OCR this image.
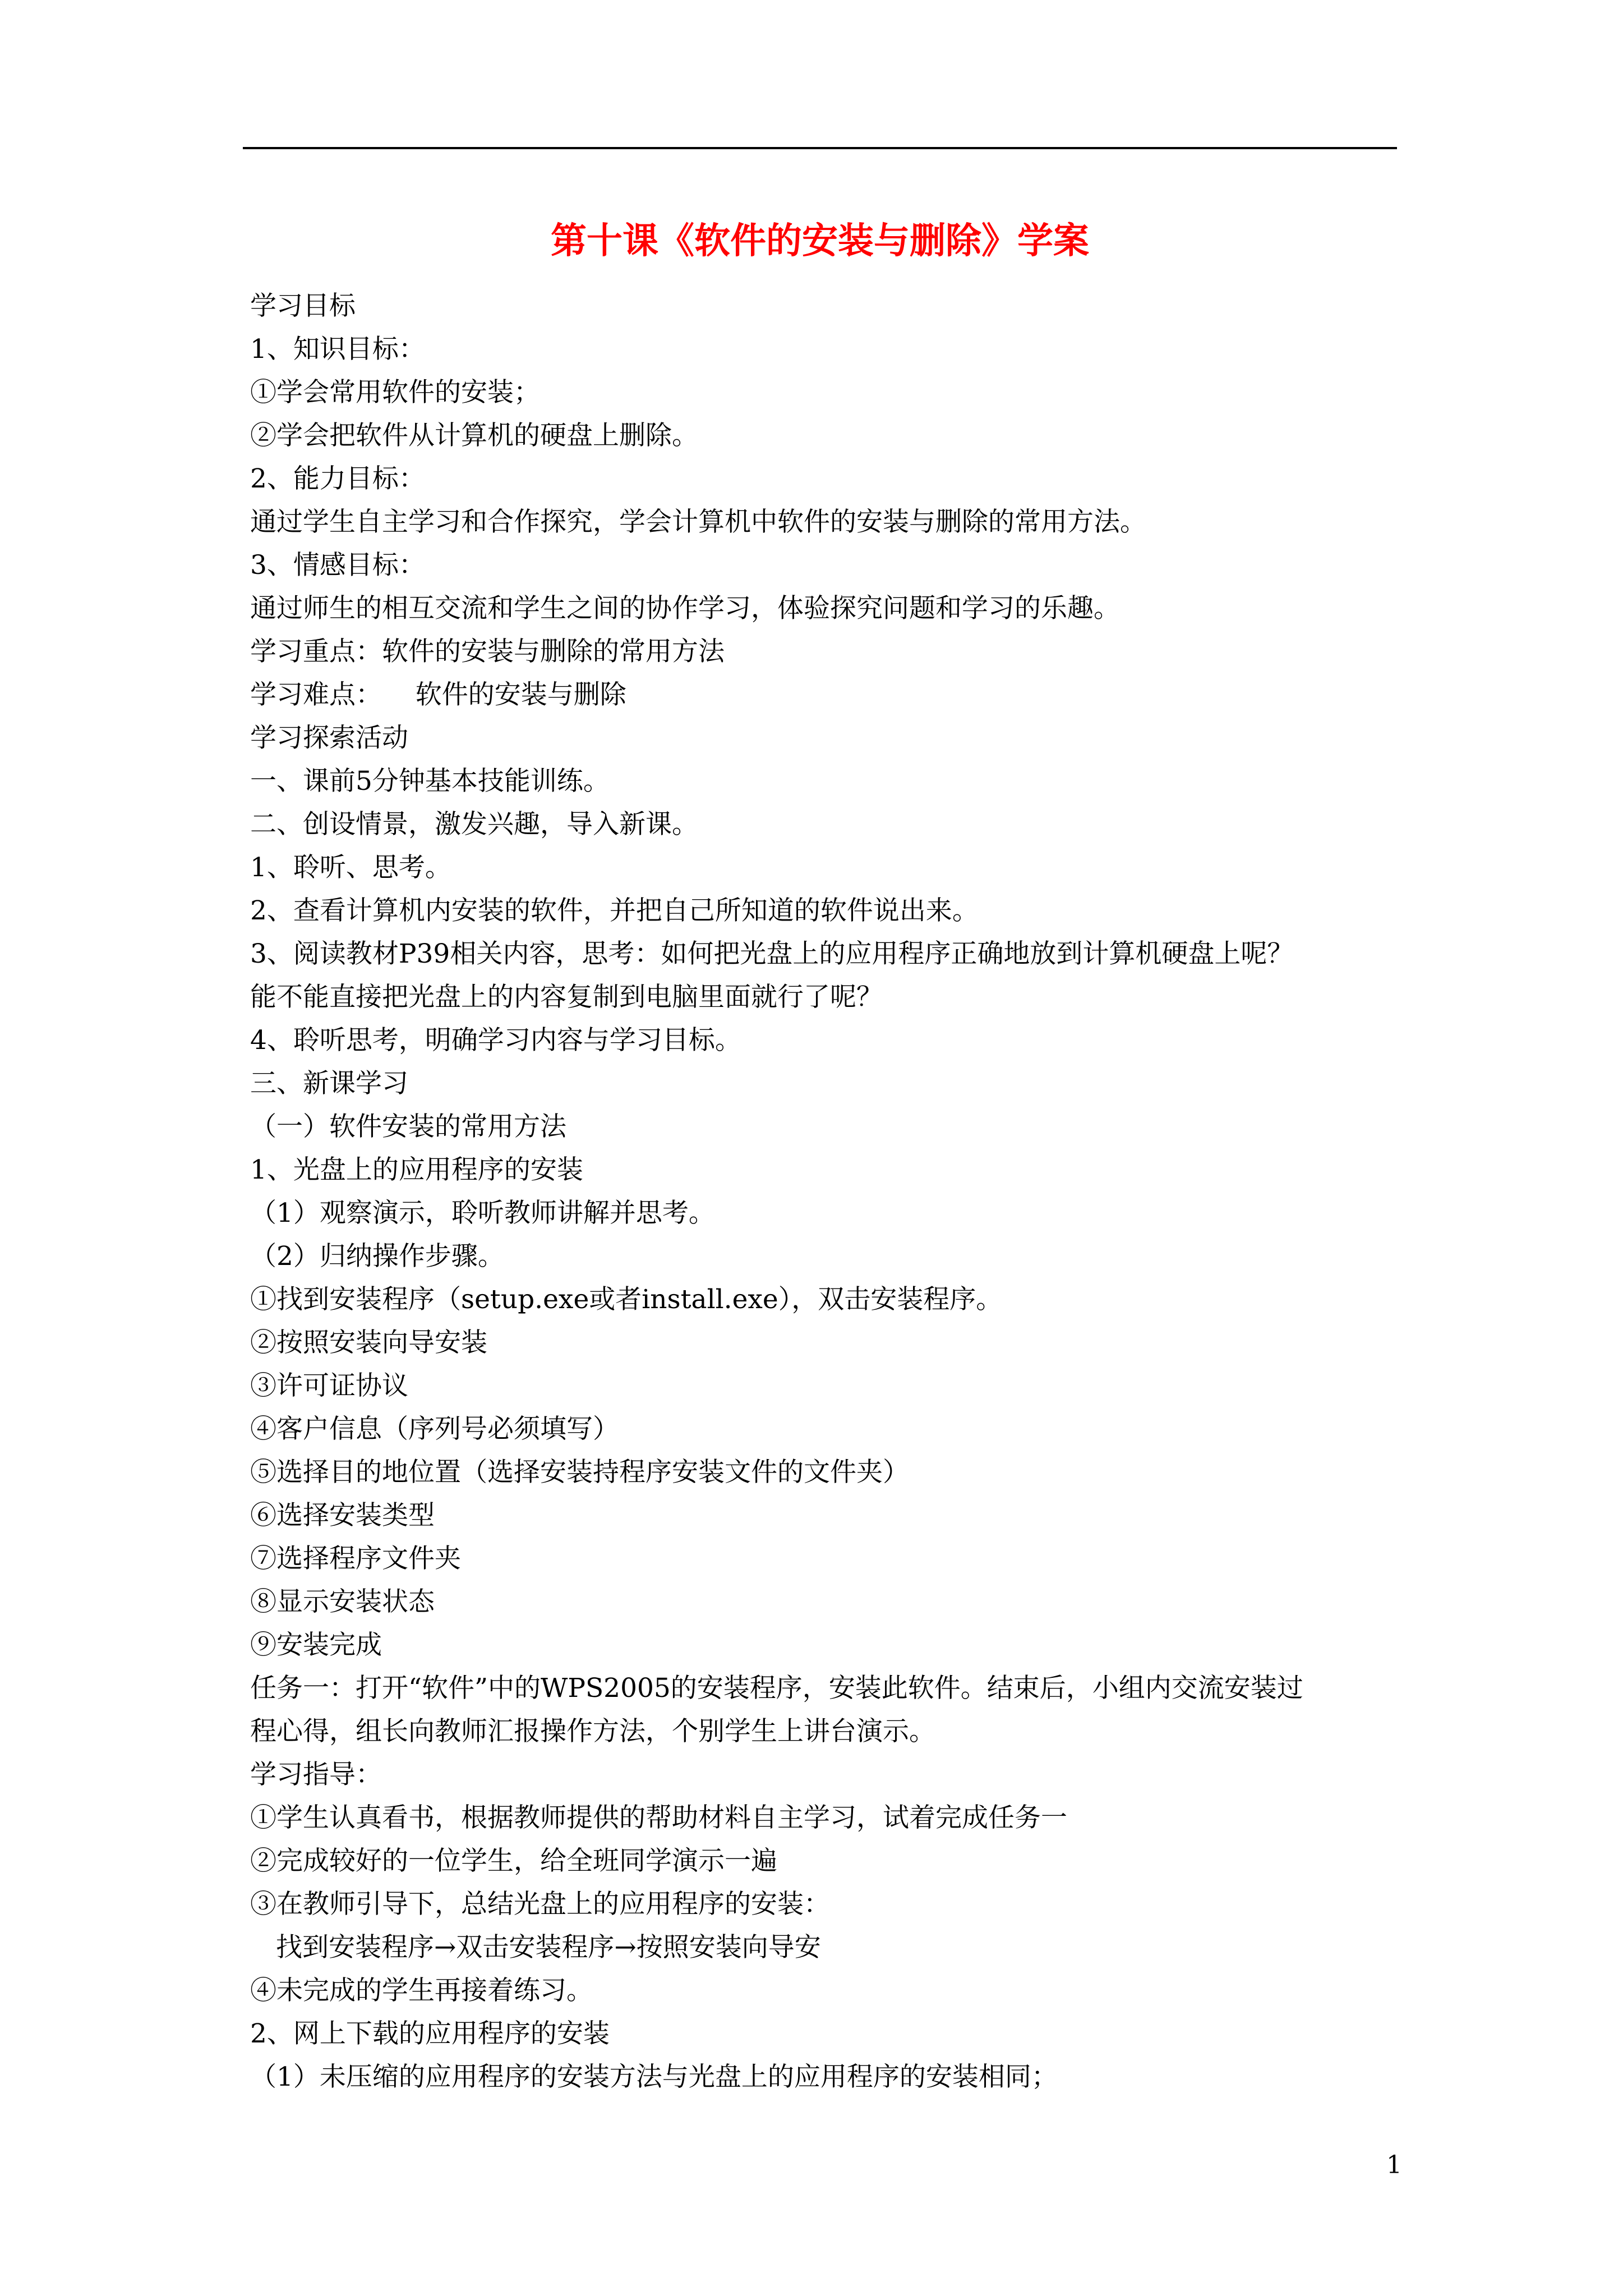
第十课《软件的安装与删除》学案
学习目标
1、知识目标：
①学会常用软件的安装；
②学会把软件从计算机的硬盘上删除。
2、能力目标：
通过学生自主学习和合作探究，学会计算机中软件的安装与删除的常用方法。
3、情感目标：
通过师生的相互交流和学生之间的协作学习，体验探究问题和学习的乐趣。
学习重点：软件的安装与删除的常用方法
学习难点：    软件的安装与删除
学习探索活动
一、课前5分钟基本技能训练。
二、创设情景，激发兴趣，导入新课。
1、聆听、思考。
2、查看计算机内安装的软件，并把自己所知道的软件说出来。
3、阅读教材P39相关内容，思考：如何把光盘上的应用程序正确地放到计算机硬盘上呢？
能不能直接把光盘上的内容复制到电脑里面就行了呢？
4、聆听思考，明确学习内容与学习目标。
三、新课学习
（一）软件安装的常用方法
1、光盘上的应用程序的安装
（1）观察演示，聆听教师讲解并思考。
（2）归纳操作步骤。
①找到安装程序（setup.exe或者install.exe），双击安装程序。
②按照安装向导安装
③许可证协议
④客户信息（序列号必须填写）
⑤选择目的地位置（选择安装持程序安装文件的文件夹）
⑥选择安装类型
⑦选择程序文件夹
⑧显示安装状态
⑨安装完成
任务一：打开“软件”中的WPS2005的安装程序，安装此软件。结束后，小组内交流安装过
程心得，组长向教师汇报操作方法，个别学生上讲台演示。
学习指导：
①学生认真看书，根据教师提供的帮助材料自主学习，试着完成任务一
②完成较好的一位学生，给全班同学演示一遍
③在教师引导下，总结光盘上的应用程序的安装：
找到安装程序→双击安装程序→按照安装向导安
④未完成的学生再接着练习。
2、网上下载的应用程序的安装
（1）未压缩的应用程序的安装方法与光盘上的应用程序的安装相同；
1
